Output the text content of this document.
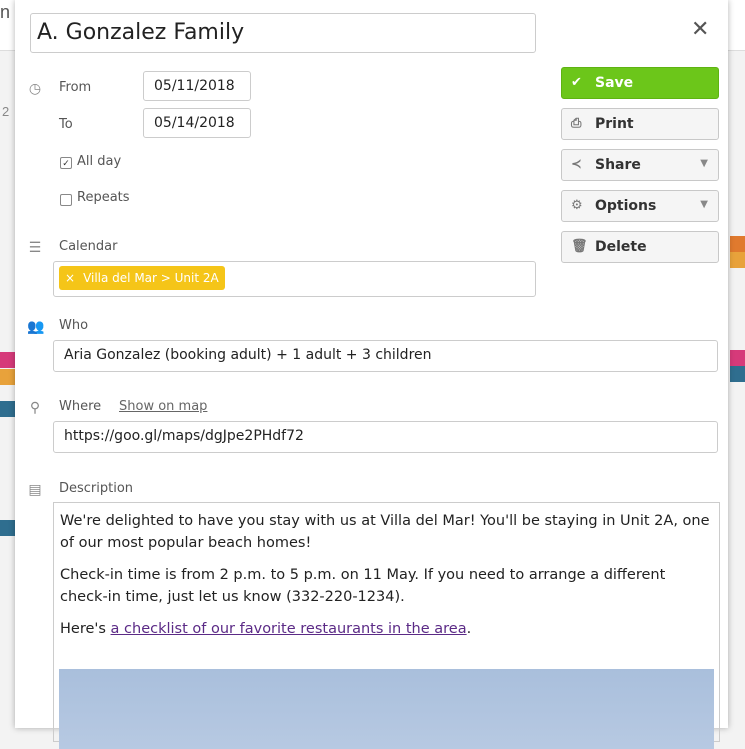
n
2
A. Gonzalez Family	✕
◷ From	05/11/2018
To	05/14/2018
✓ All day
Repeats
☰ Calendar
× Villa del Mar > Unit 2A
👥 Who
Aria Gonzalez (booking adult) + 1 adult + 3 children
⚲ Where Show on map
https://goo.gl/maps/dgJpe2PHdf72
▤ Description

We're delighted to have you stay with us at Villa del Mar! You'll be staying in Unit 2A, one of our most popular beach homes!

Check-in time is from 2 p.m. to 5 p.m. on 11 May. If you need to arrange a different check-in time, just let us know (332-220-1234).

Here's a checklist of our favorite restaurants in the area.

✔ Save
⎙ Print
≺ Share	▼
⚙ Options	▼
🗑 Delete
